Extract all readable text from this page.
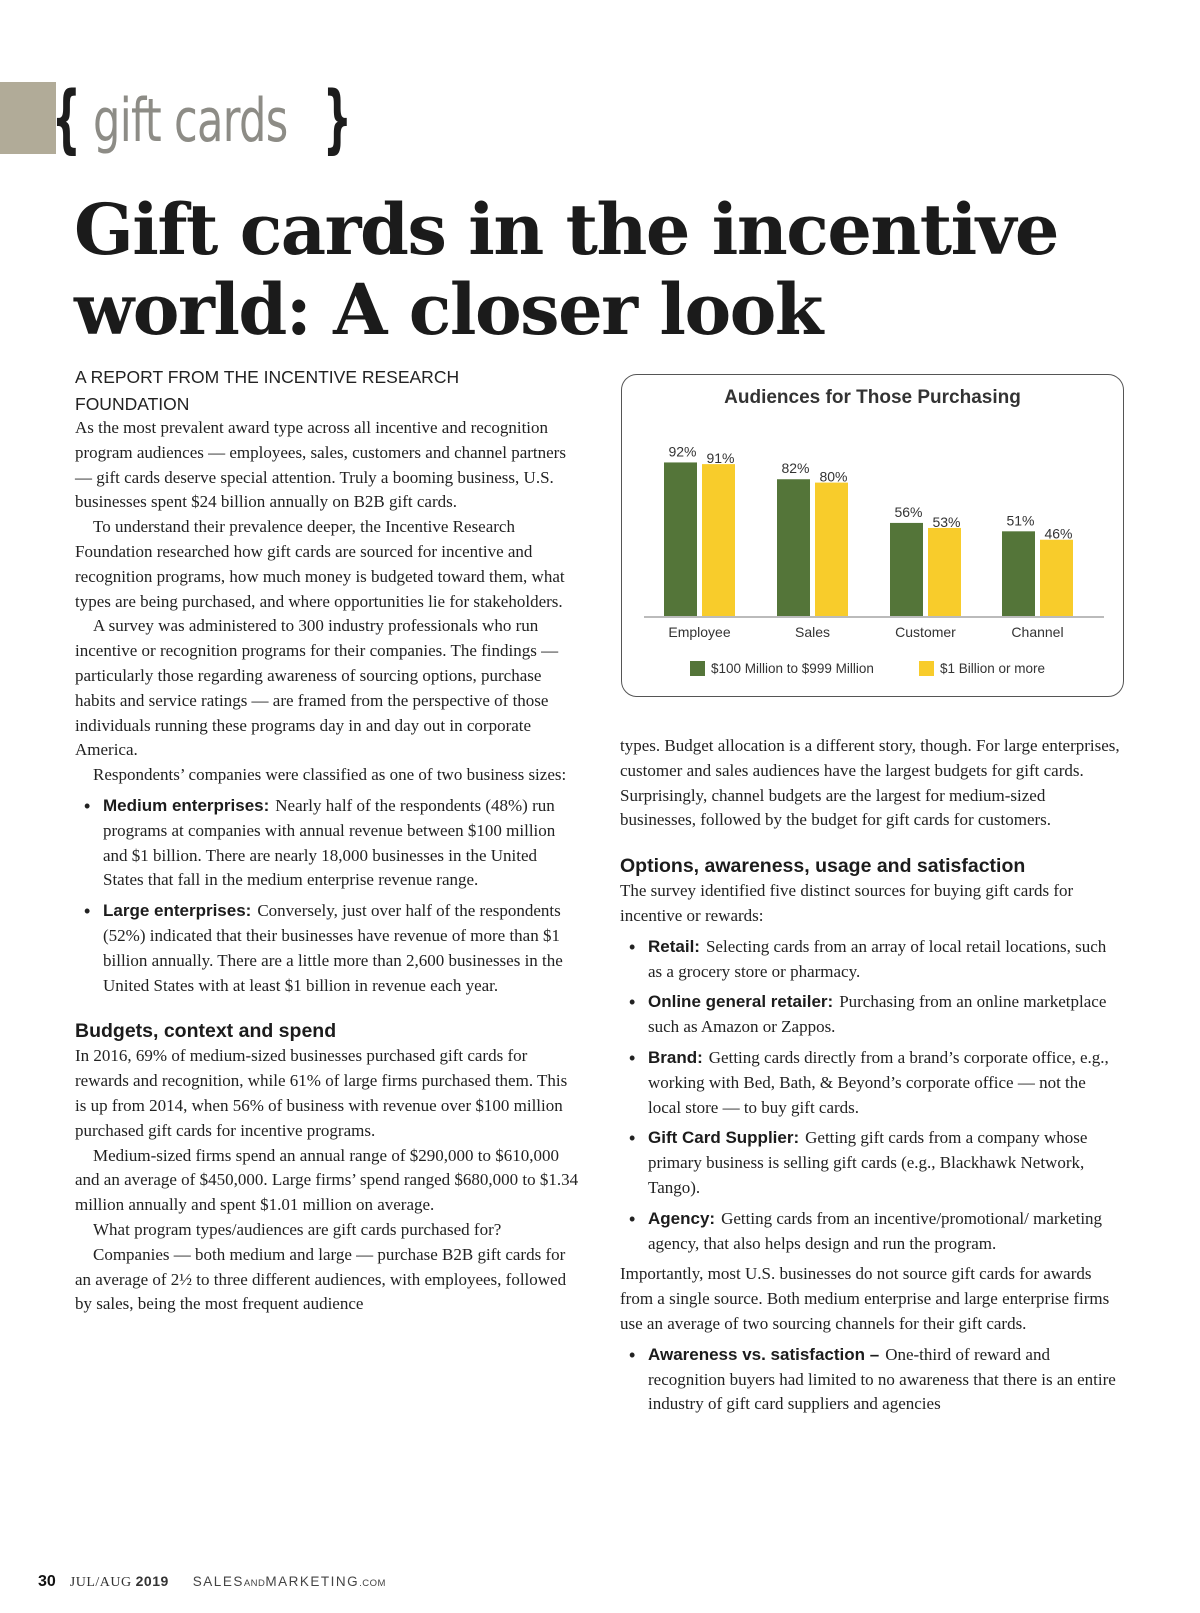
{ gift cards }
Gift cards in the incentive
world: A closer look
A REPORT FROM THE INCENTIVE RESEARCH FOUNDATION

As the most prevalent award type across all incentive and recognition program audiences — employees, sales, customers and channel partners — gift cards deserve special attention. Truly a booming business, U.S. businesses spent $24 billion annually on B2B gift cards.

To understand their prevalence deeper, the Incentive Research Foundation researched how gift cards are sourced for incentive and recognition programs, how much money is budgeted toward them, what types are being purchased, and where opportunities lie for stakeholders.

A survey was administered to 300 industry professionals who run incentive or recognition programs for their companies. The findings — particularly those regarding awareness of sourcing options, purchase habits and service ratings — are framed from the perspective of those individuals running these programs day in and day out in corporate America.

Respondents’ companies were classified as one of two business sizes:

• Medium enterprises: Nearly half of the respondents (48%) run programs at companies with annual revenue between $100 million and $1 billion. There are nearly 18,000 businesses in the United States that fall in the medium enterprise revenue range.
• Large enterprises: Conversely, just over half of the respondents (52%) indicated that their businesses have revenue of more than $1 billion annually. There are a little more than 2,600 businesses in the United States with at least $1 billion in revenue each year.
Budgets, context and spend

In 2016, 69% of medium-sized businesses purchased gift cards for rewards and recognition, while 61% of large firms purchased them. This is up from 2014, when 56% of business with revenue over $100 million purchased gift cards for incentive programs.

Medium-sized firms spend an annual range of $290,000 to $610,000 and an average of $450,000. Large firms’ spend ranged $680,000 to $1.34 million annually and spent $1.01 million on average.

What program types/audiences are gift cards purchased for?

Companies — both medium and large — purchase B2B gift cards for an average of 2½ to three different audiences, with employees, followed by sales, being the most frequent audience

Audiences for Those Purchasing
92% 91%
Employee
82%
80%
Sales
56%
53%
Customer
51%
46%
Channel
$100 Million to $999 Million	$1 Billion or more

types. Budget allocation is a different story, though. For large enterprises, customer and sales audiences have the largest budgets for gift cards. Surprisingly, channel budgets are the largest for medium-sized businesses, followed by the budget for gift cards for customers.

Options, awareness, usage and satisfaction

The survey identified five distinct sources for buying gift cards for incentive or rewards:

• Retail: Selecting cards from an array of local retail locations, such as a grocery store or pharmacy.
• Online general retailer: Purchasing from an online marketplace such as Amazon or Zappos.
• Brand: Getting cards directly from a brand’s corporate office, e.g., working with Bed, Bath, & Beyond’s corporate office — not the local store — to buy gift cards.
• Gift Card Supplier: Getting gift cards from a company whose primary business is selling gift cards (e.g., Blackhawk Network, Tango).
• Agency: Getting cards from an incentive/promotional/ marketing agency, that also helps design and run the program.

Importantly, most U.S. businesses do not source gift cards for awards from a single source. Both medium enterprise and large enterprise firms use an average of two sourcing channels for their gift cards.

• Awareness vs. satisfaction – One-third of reward and recognition buyers had limited to no awareness that there is an entire industry of gift card suppliers and agencies
30 JUL/AUG 2019 SALESANDMARKETING.COM
